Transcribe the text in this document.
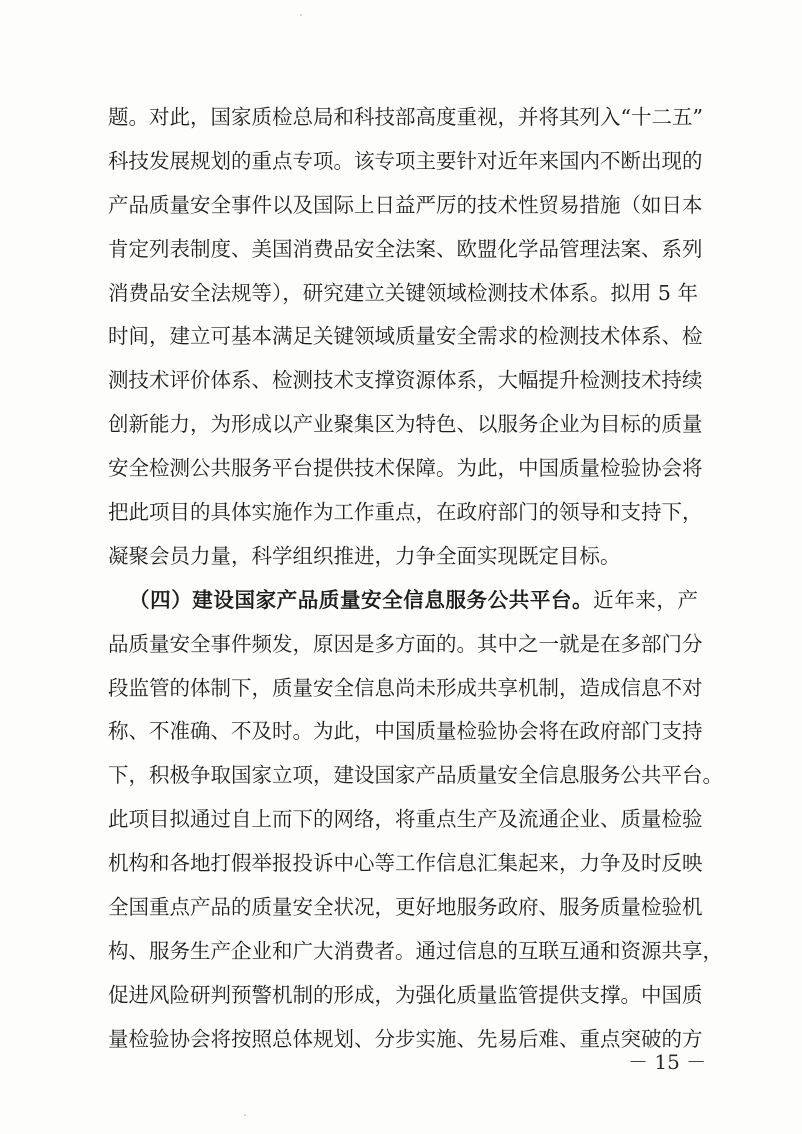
题。对此，国家质检总局和科技部高度重视，并将其列入“十二五”
科技发展规划的重点专项。该专项主要针对近年来国内不断出现的
产品质量安全事件以及国际上日益严厉的技术性贸易措施（如日本
肯定列表制度、美国消费品安全法案、欧盟化学品管理法案、系列
消费品安全法规等），研究建立关键领域检测技术体系。拟用 5 年
时间，建立可基本满足关键领域质量安全需求的检测技术体系、检
测技术评价体系、检测技术支撑资源体系，大幅提升检测技术持续
创新能力，为形成以产业聚集区为特色、以服务企业为目标的质量
安全检测公共服务平台提供技术保障。为此，中国质量检验协会将
把此项目的具体实施作为工作重点，在政府部门的领导和支持下，
凝聚会员力量，科学组织推进，力争全面实现既定目标。
（四）建设国家产品质量安全信息服务公共平台。近年来，产
品质量安全事件频发，原因是多方面的。其中之一就是在多部门分
段监管的体制下，质量安全信息尚未形成共享机制，造成信息不对
称、不准确、不及时。为此，中国质量检验协会将在政府部门支持
下，积极争取国家立项，建设国家产品质量安全信息服务公共平台。
此项目拟通过自上而下的网络，将重点生产及流通企业、质量检验
机构和各地打假举报投诉中心等工作信息汇集起来，力争及时反映
全国重点产品的质量安全状况，更好地服务政府、服务质量检验机
构、服务生产企业和广大消费者。通过信息的互联互通和资源共享，
促进风险研判预警机制的形成，为强化质量监管提供支撑。中国质
量检验协会将按照总体规划、分步实施、先易后难、重点突破的方
－ 15 －
